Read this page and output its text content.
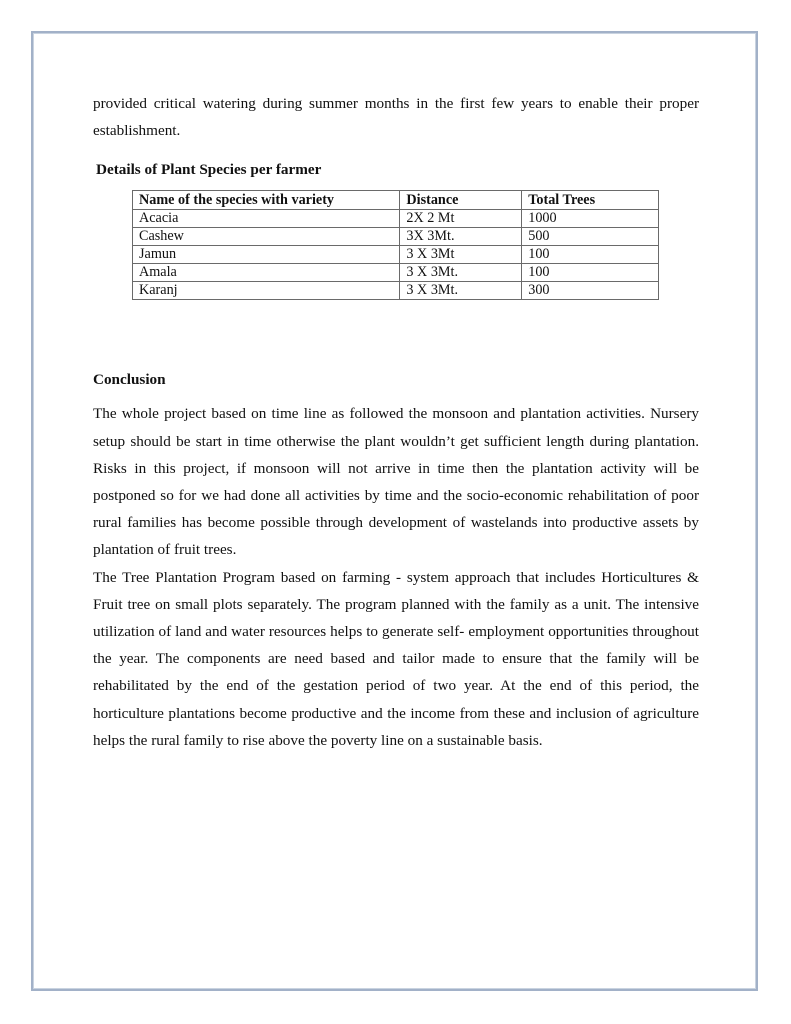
provided critical watering during summer months in the first few years to enable their proper establishment.

Details of Plant Species per farmer

Name of the species with variety	Distance	Total Trees
Acacia	2X 2 Mt	1000
Cashew	3X 3Mt.	500
Jamun	3 X 3Mt	100
Amala	3 X 3Mt.	100
Karanj	3 X 3Mt.	300

Conclusion

The whole project based on time line as followed the monsoon and plantation activities. Nursery setup should be start in time otherwise the plant wouldn’t get sufficient length during plantation. Risks in this project, if monsoon will not arrive in time then the plantation activity will be postponed so for we had done all activities by time and the socio-economic rehabilitation of poor rural families has become possible through development of wastelands into productive assets by plantation of fruit trees.

The Tree Plantation Program based on farming - system approach that includes Horticultures & Fruit tree on small plots separately. The program planned with the family as a unit. The intensive utilization of land and water resources helps to generate self- employment opportunities throughout the year. The components are need based and tailor made to ensure that the family will be rehabilitated by the end of the gestation period of two year. At the end of this period, the horticulture plantations become productive and the income from these and inclusion of agriculture helps the rural family to rise above the poverty line on a sustainable basis.
